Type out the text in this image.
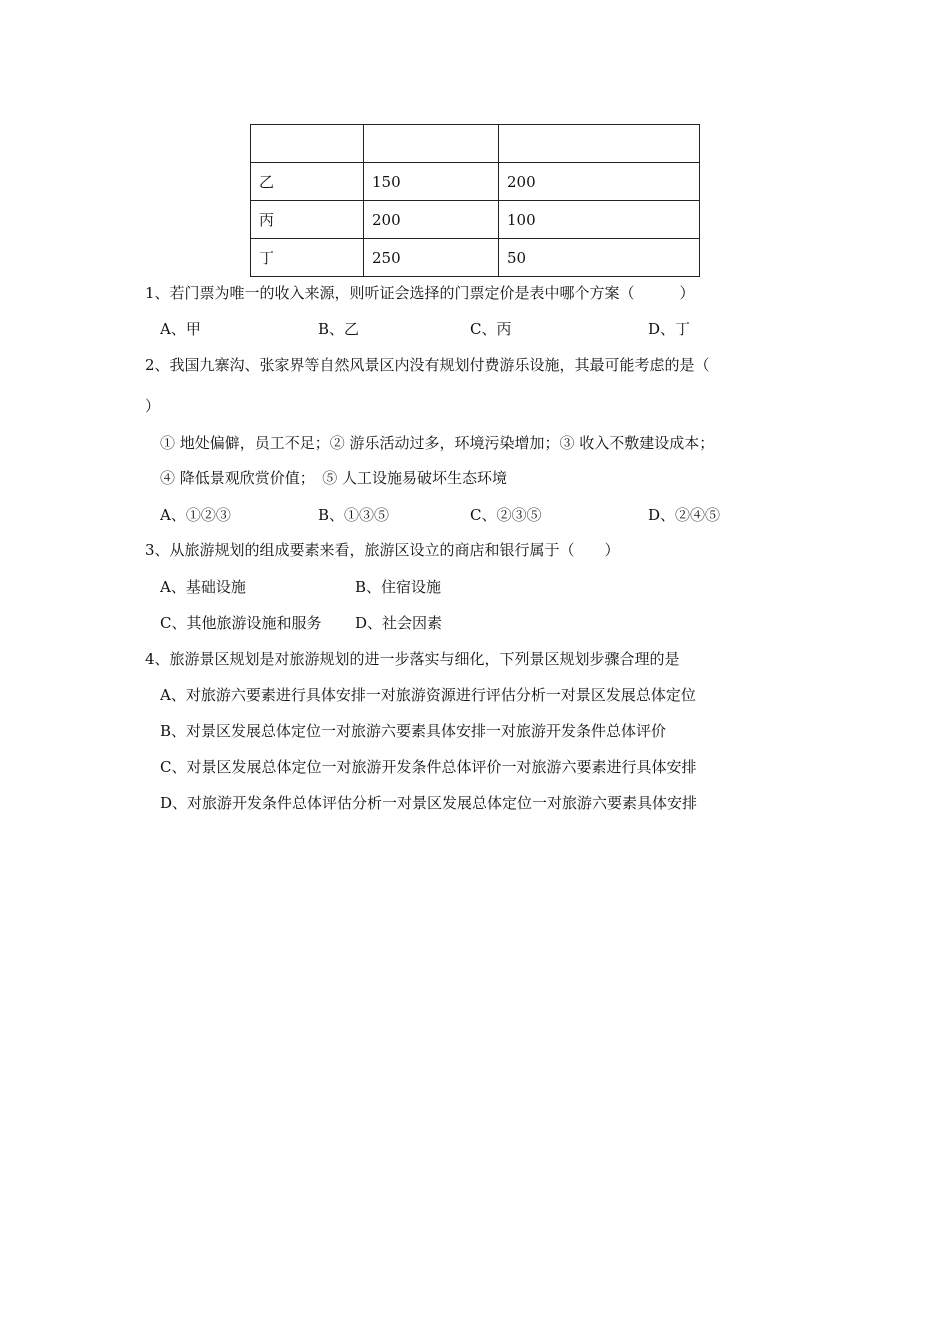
乙	150	200
丙	200	100
丁	250	50
1、若门票为唯一的收入来源，则听证会选择的门票定价是表中哪个方案（　　　）
A、甲	B、乙	C、丙	D、丁
2、我国九寨沟、张家界等自然风景区内没有规划付费游乐设施，其最可能考虑的是（
）
① 地处偏僻，员工不足；② 游乐活动过多，环境污染增加；③ 收入不敷建设成本；
④ 降低景观欣赏价值；　⑤ 人工设施易破坏生态环境
A、①②③	B、①③⑤	C、②③⑤	D、②④⑤
3、从旅游规划的组成要素来看，旅游区设立的商店和银行属于（　　）
A、基础设施	B、住宿设施
C、其他旅游设施和服务 D、社会因素
4、旅游景区规划是对旅游规划的进一步落实与细化，下列景区规划步骤合理的是
A、对旅游六要素进行具体安排一对旅游资源进行评估分析一对景区发展总体定位
B、对景区发展总体定位一对旅游六要素具体安排一对旅游开发条件总体评价
C、对景区发展总体定位一对旅游开发条件总体评价一对旅游六要素进行具体安排
D、对旅游开发条件总体评估分析一对景区发展总体定位一对旅游六要素具体安排
